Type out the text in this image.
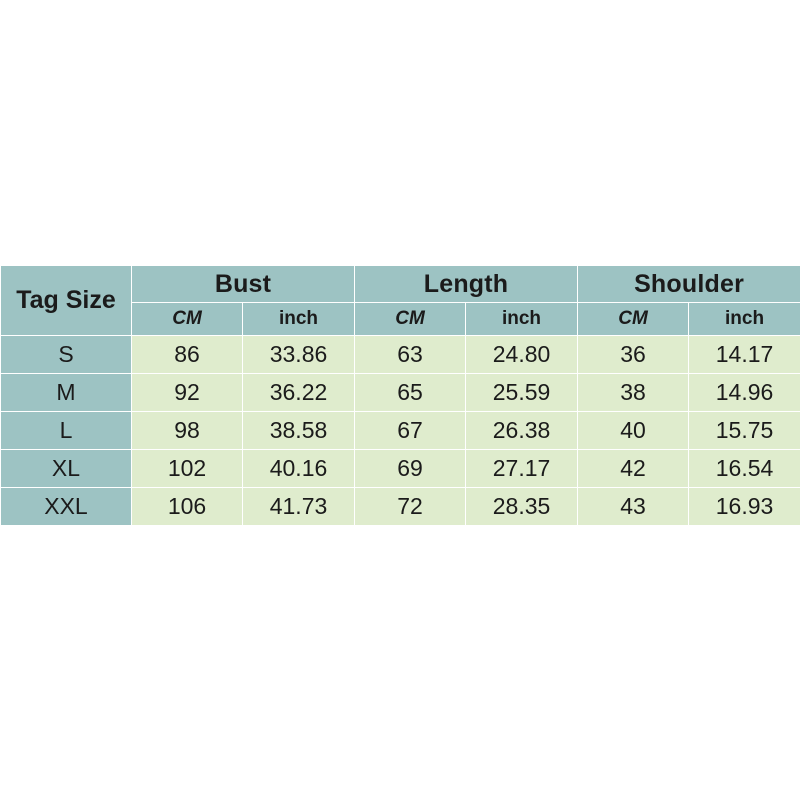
Tag Size	Bust		Length		Shoulder	
	CM	inch	CM	inch	CM	inch
S	86	33.86	63	24.80	36	14.17
M	92	36.22	65	25.59	38	14.96
L	98	38.58	67	26.38	40	15.75
XL	102	40.16	69	27.17	42	16.54
XXL	106	41.73	72	28.35	43	16.93
